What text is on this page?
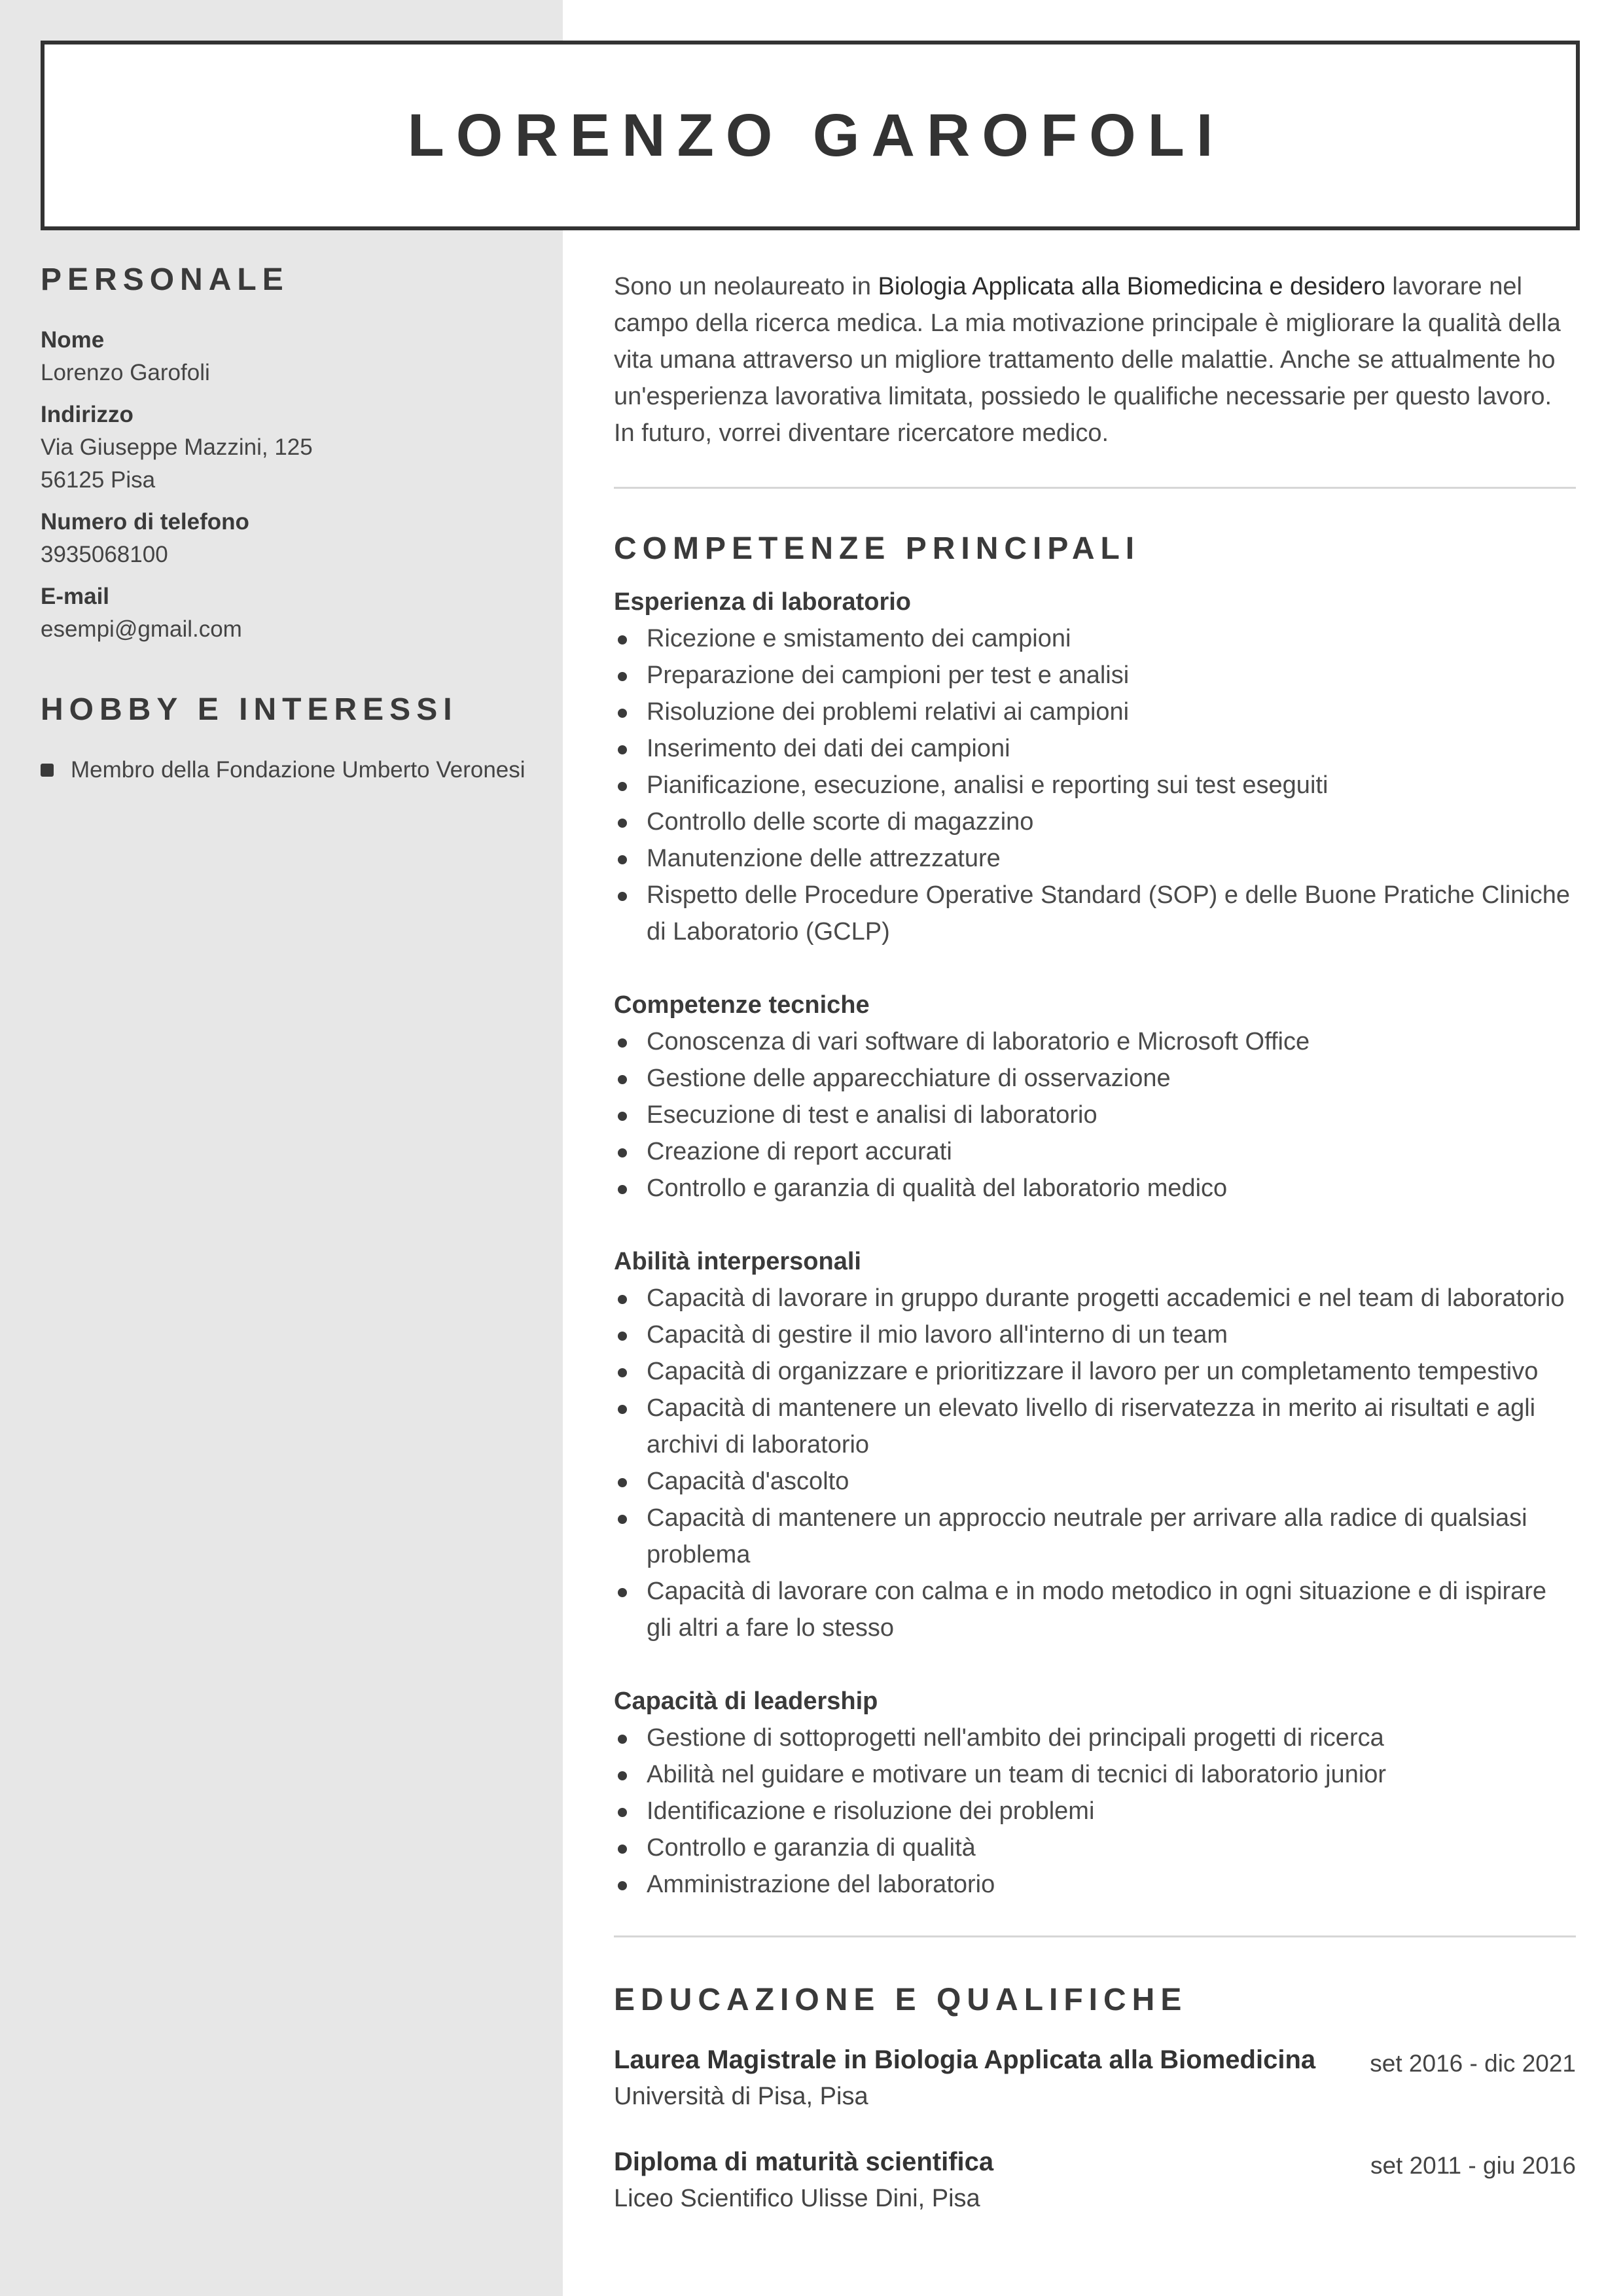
LORENZO GAROFOLI
PERSONALE
Nome
Lorenzo Garofoli
Indirizzo
Via Giuseppe Mazzini, 125
56125 Pisa
Numero di telefono
3935068100
E-mail
esempi@gmail.com
HOBBY E INTERESSI
Membro della Fondazione Umberto Veronesi

Sono un neolaureato in Biologia Applicata alla Biomedicina e desidero lavorare nel campo della ricerca medica. La mia motivazione principale è migliorare la qualità della vita umana attraverso un migliore trattamento delle malattie. Anche se attualmente ho un'esperienza lavorativa limitata, possiedo le qualifiche necessarie per questo lavoro. In futuro, vorrei diventare ricercatore medico.

COMPETENZE PRINCIPALI
Esperienza di laboratorio
Ricezione e smistamento dei campioni
Preparazione dei campioni per test e analisi
Risoluzione dei problemi relativi ai campioni
Inserimento dei dati dei campioni
Pianificazione, esecuzione, analisi e reporting sui test eseguiti
Controllo delle scorte di magazzino
Manutenzione delle attrezzature
Rispetto delle Procedure Operative Standard (SOP) e delle Buone Pratiche Cliniche di Laboratorio (GCLP)
Competenze tecniche
Conoscenza di vari software di laboratorio e Microsoft Office
Gestione delle apparecchiature di osservazione
Esecuzione di test e analisi di laboratorio
Creazione di report accurati
Controllo e garanzia di qualità del laboratorio medico
Abilità interpersonali
Capacità di lavorare in gruppo durante progetti accademici e nel team di laboratorio
Capacità di gestire il mio lavoro all'interno di un team
Capacità di organizzare e prioritizzare il lavoro per un completamento tempestivo
Capacità di mantenere un elevato livello di riservatezza in merito ai risultati e agli archivi di laboratorio
Capacità d'ascolto
Capacità di mantenere un approccio neutrale per arrivare alla radice di qualsiasi problema
Capacità di lavorare con calma e in modo metodico in ogni situazione e di ispirare gli altri a fare lo stesso
Capacità di leadership
Gestione di sottoprogetti nell'ambito dei principali progetti di ricerca
Abilità nel guidare e motivare un team di tecnici di laboratorio junior
Identificazione e risoluzione dei problemi
Controllo e garanzia di qualità
Amministrazione del laboratorio
EDUCAZIONE E QUALIFICHE
Laurea Magistrale in Biologia Applicata alla Biomedicina
Università di Pisa, Pisa
set 2016 - dic 2021
Diploma di maturità scientifica
Liceo Scientifico Ulisse Dini, Pisa
set 2011 - giu 2016
